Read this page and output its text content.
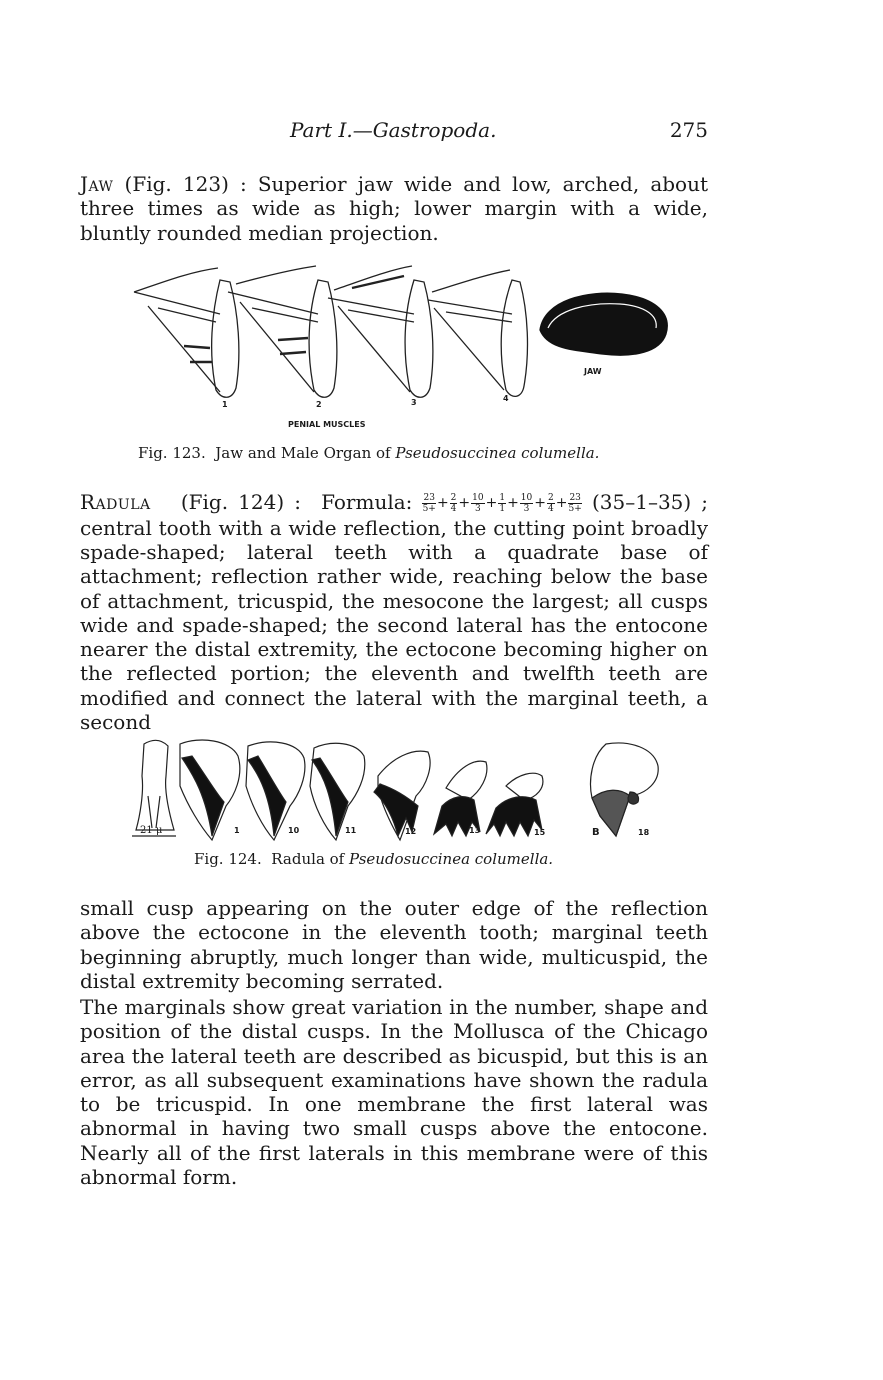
Part I.—Gastropoda.	275

Jaw (Fig. 123) : Superior jaw wide and low, arched, about three times as wide as high; lower margin with a wide, bluntly rounded median projection.

JAW
1	2	3	4
PENIAL MUSCLES
Fig. 123. Jaw and Male Organ of Pseudosuccinea columella.

Radula (Fig. 124) : Formula: $\frac{23}{5+} + \frac{2}{4} + \frac{10}{3} + \frac{1}{1} + \frac{10}{3} + \frac{2}{4} + \frac{23}{5+} (35-1-35)$ ; central tooth with a wide reflection, the cutting point broadly spade-shaped; lateral teeth with a quadrate base of attachment; reflection rather wide, reaching below the base of attachment, tricuspid, the mesocone the largest; all cusps wide and spade-shaped; the second lateral has the entocone nearer the distal extremity, the ectocone becoming higher on the reflected portion; the eleventh and twelfth teeth are modified and connect the lateral with the marginal teeth, a second

21 μ	1	10	11	12	13	15	B	18
Fig. 124. Radula of Pseudosuccinea columella.

small cusp appearing on the outer edge of the reflection above the ectocone in the eleventh tooth; marginal teeth beginning abruptly, much longer than wide, multicuspid, the distal extremity becoming serrated.

The marginals show great variation in the number, shape and position of the distal cusps. In the Mollusca of the Chicago area the lateral teeth are described as bicuspid, but this is an error, as all subsequent examinations have shown the radula to be tricuspid. In one membrane the first lateral was abnormal in having two small cusps above the entocone. Nearly all of the first laterals in this membrane were of this abnormal form.
